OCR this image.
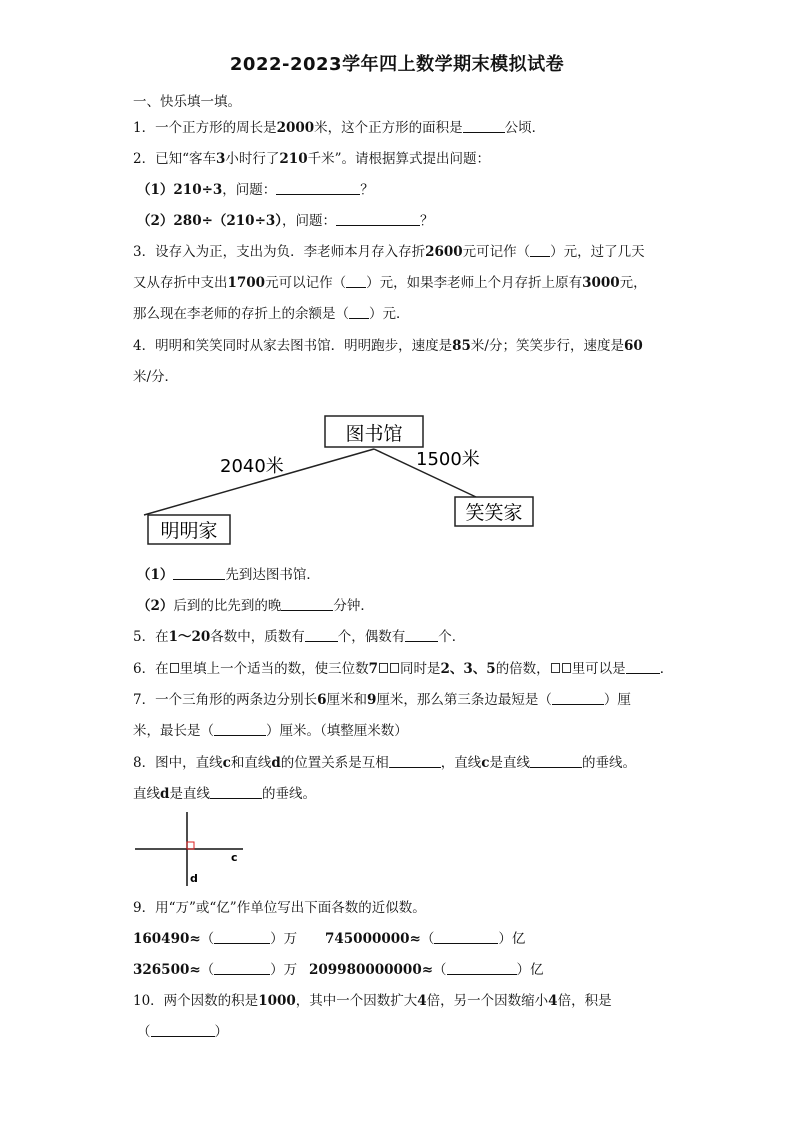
2022-2023学年四上数学期末模拟试卷
一、快乐填一填。
1．一个正方形的周长是2000米，这个正方形的面积是	公顷．
2．已知“客车3小时行了210千米”。请根据算式提出问题：
（1）210÷3，问题：	？
（2）280÷（210÷3），问题：	？
3．设存入为正，支出为负．李老师本月存入存折2600元可记作（ ）元，过了几天
又从存折中支出1700元可以记作（ ）元，如果李老师上个月存折上原有3000元，
那么现在李老师的存折上的余额是（ ）元．
4．明明和笑笑同时从家去图书馆．明明跑步，速度是85米/分；笑笑步行，速度是60
米/分．
图书馆
明明家
笑笑家
2040米	1500米
（1）	先到达图书馆．
（2）后到的比先到的晚	分钟．
5．在1～20各数中，质数有 个，偶数有 个．
6．在 里填上一个适当的数，使三位数7 同时是2、3、5的倍数， 里可以是	．
7．一个三角形的两条边分别长6厘米和9厘米，那么第三条边最短是（	）厘
米，最长是（	）厘米。（填整厘米数）
8．图中，直线c和直线d的位置关系是互相	，直线c是直线	的垂线。
直线d是直线	的垂线。
c
d
9．用“万”或“亿”作单位写出下面各数的近似数。
160490≈（	）万 745000000≈（	）亿
326500≈（	）万 209980000000≈（	）亿
10．两个因数的积是1000，其中一个因数扩大4倍，另一个因数缩小4倍，积是
（	）
